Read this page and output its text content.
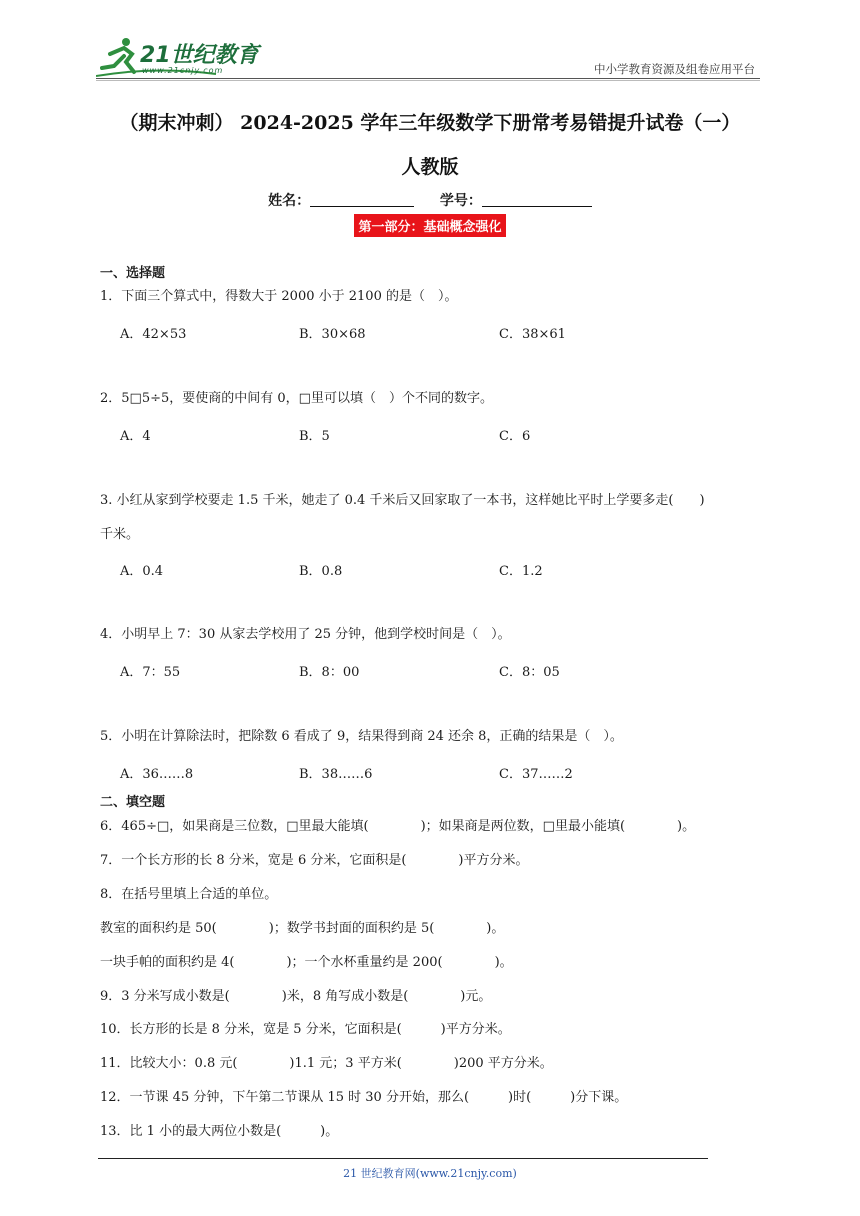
21世纪教育
www.21cnjy.com	中小学教育资源及组卷应用平台
（期末冲刺） 2024-2025 学年三年级数学下册常考易错提升试卷（一）
人教版
姓名：	学号：
第一部分：基础概念强化
一、选择题
1．下面三个算式中，得数大于 2000 小于 2100 的是（　）。
A．42×53	B．30×68	C．38×61
2．5□5÷5，要使商的中间有 0，□里可以填（　）个不同的数字。
A．4	B．5	C．6
3. 小红从家到学校要走 1.5 千米，她走了 0.4 千米后又回家取了一本书，这样她比平时上学要多走(　　)
千米。
A．0.4	B．0.8	C．1.2
4．小明早上 7：30 从家去学校用了 25 分钟，他到学校时间是（　）。
A．7：55	B．8：00	C．8：05
5．小明在计算除法时，把除数 6 看成了 9，结果得到商 24 还余 8，正确的结果是（　）。
A．36……8	B．38……6	C．37……2
二、填空题
6．465÷□，如果商是三位数，□里最大能填(　　　　)；如果商是两位数，□里最小能填(　　　　)。
7．一个长方形的长 8 分米，宽是 6 分米，它面积是(　　　　)平方分米。
8．在括号里填上合适的单位。
教室的面积约是 50(　　　　)；数学书封面的面积约是 5(　　　　)。
一块手帕的面积约是 4(　　　　)；一个水杯重量约是 200(　　　　)。
9．3 分米写成小数是(　　　　)米，8 角写成小数是(　　　　)元。
10．长方形的长是 8 分米，宽是 5 分米，它面积是(　　　)平方分米。
11．比较大小：0.8 元(　　　　)1.1 元；3 平方米(　　　　)200 平方分米。
12．一节课 45 分钟，下午第二节课从 15 时 30 分开始，那么(　　　)时(　　　)分下课。
13．比 1 小的最大两位小数是(　　　)。
21 世纪教育网(www.21cnjy.com)
